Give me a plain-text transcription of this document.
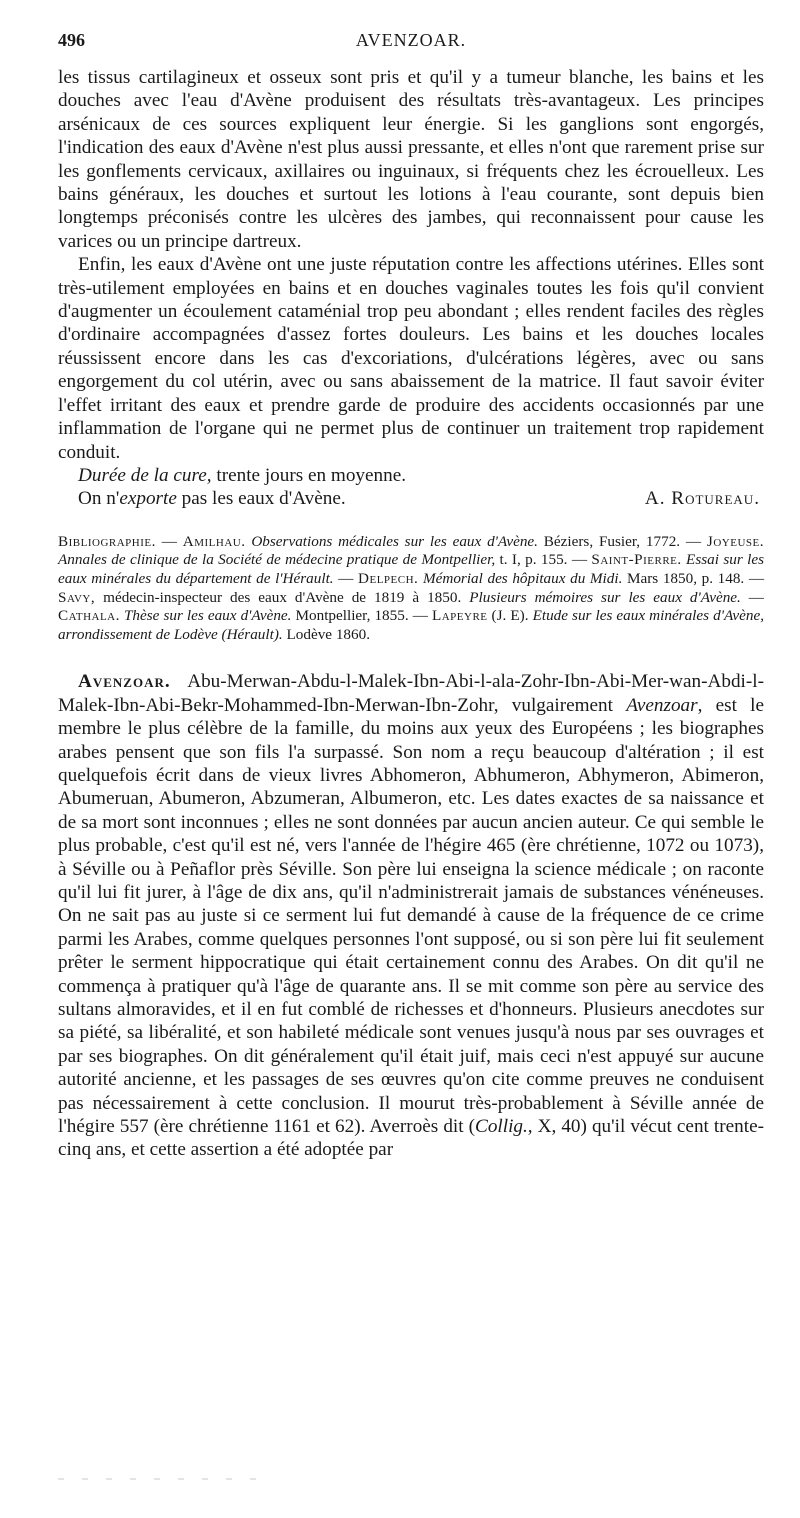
496	AVENZOAR.

les tissus cartilagineux et osseux sont pris et qu'il y a tumeur blanche, les bains et les douches avec l'eau d'Avène produisent des résultats très-avantageux. Les principes arsénicaux de ces sources expliquent leur énergie. Si les ganglions sont engorgés, l'indication des eaux d'Avène n'est plus aussi pressante, et elles n'ont que rarement prise sur les gonflements cervicaux, axillaires ou inguinaux, si fréquents chez les écrouelleux. Les bains généraux, les douches et surtout les lotions à l'eau courante, sont depuis bien longtemps préconisés contre les ulcères des jambes, qui reconnaissent pour cause les varices ou un principe dartreux.

Enfin, les eaux d'Avène ont une juste réputation contre les affections utérines. Elles sont très-utilement employées en bains et en douches vaginales toutes les fois qu'il convient d'augmenter un écoulement cataménial trop peu abondant ; elles rendent faciles des règles d'ordinaire accompagnées d'assez fortes douleurs. Les bains et les douches locales réussissent encore dans les cas d'excoriations, d'ulcérations légères, avec ou sans engorgement du col utérin, avec ou sans abaissement de la matrice. Il faut savoir éviter l'effet irritant des eaux et prendre garde de produire des accidents occasionnés par une inflammation de l'organe qui ne permet plus de continuer un traitement trop rapidement conduit.

Durée de la cure, trente jours en moyenne.

On n'exporte pas les eaux d'Avène.	A. Rotureau.
Bibliographie. — Amilhau. Observations médicales sur les eaux d'Avène. Béziers, Fusier, 1772. — Joyeuse. Annales de clinique de la Société de médecine pratique de Montpellier, t. I, p. 155. — Saint-Pierre. Essai sur les eaux minérales du département de l'Hérault. — Delpech. Mémorial des hôpitaux du Midi. Mars 1850, p. 148. — Savy, médecin-inspecteur des eaux d'Avène de 1819 à 1850. Plusieurs mémoires sur les eaux d'Avène. — Cathala. Thèse sur les eaux d'Avène. Montpellier, 1855. — Lapeyre (J. E). Etude sur les eaux minérales d'Avène, arrondissement de Lodève (Hérault). Lodève 1860.

Avenzoar. Abu-Merwan-Abdu-l-Malek-Ibn-Abi-l-ala-Zohr-Ibn-Abi-Mer-wan-Abdi-l-Malek-Ibn-Abi-Bekr-Mohammed-Ibn-Merwan-Ibn-Zohr, vulgairement Avenzoar, est le membre le plus célèbre de la famille, du moins aux yeux des Européens ; les biographes arabes pensent que son fils l'a surpassé. Son nom a reçu beaucoup d'altération ; il est quelquefois écrit dans de vieux livres Abhomeron, Abhumeron, Abhymeron, Abimeron, Abumeruan, Abumeron, Abzumeran, Albumeron, etc. Les dates exactes de sa naissance et de sa mort sont inconnues ; elles ne sont données par aucun ancien auteur. Ce qui semble le plus probable, c'est qu'il est né, vers l'année de l'hégire 465 (ère chrétienne, 1072 ou 1073), à Séville ou à Peñaflor près Séville. Son père lui enseigna la science médicale ; on raconte qu'il lui fit jurer, à l'âge de dix ans, qu'il n'administrerait jamais de substances vénéneuses. On ne sait pas au juste si ce serment lui fut demandé à cause de la fréquence de ce crime parmi les Arabes, comme quelques personnes l'ont supposé, ou si son père lui fit seulement prêter le serment hippocratique qui était certainement connu des Arabes. On dit qu'il ne commença à pratiquer qu'à l'âge de quarante ans. Il se mit comme son père au service des sultans almoravides, et il en fut comblé de richesses et d'honneurs. Plusieurs anecdotes sur sa piété, sa libéralité, et son habileté médicale sont venues jusqu'à nous par ses ouvrages et par ses biographes. On dit généralement qu'il était juif, mais ceci n'est appuyé sur aucune autorité ancienne, et les passages de ses œuvres qu'on cite comme preuves ne conduisent pas nécessairement à cette conclusion. Il mourut très-probablement à Séville année de l'hégire 557 (ère chrétienne 1161 et 62). Averroès dit (Collig., X, 40) qu'il vécut cent trente-cinq ans, et cette assertion a été adoptée par
